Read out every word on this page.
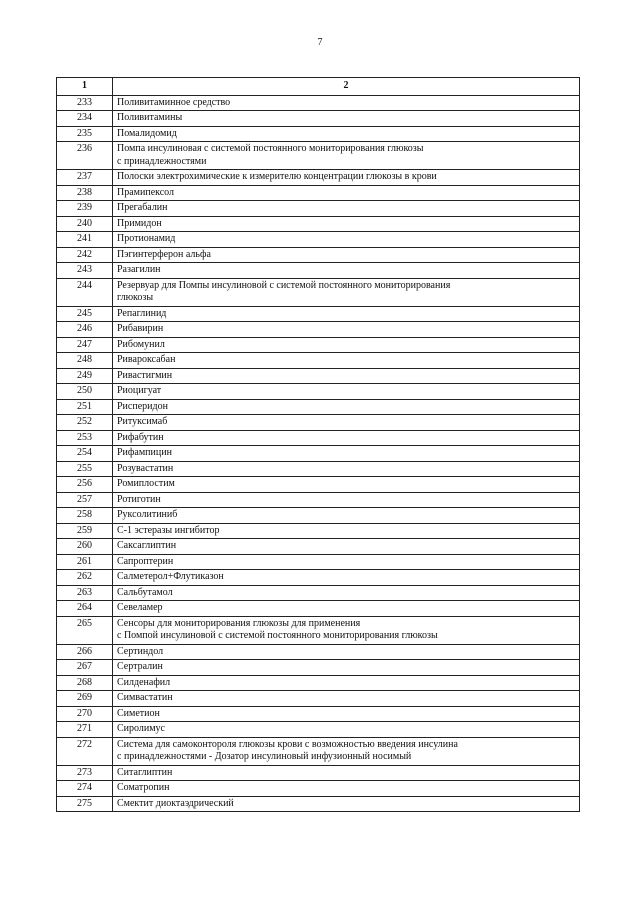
7
1	2
233	Поливитаминное средство

234	Поливитамины

235	Помалидомид

236	Помпа инсулиновая с системой постоянного мониторирования глюкозы
с принадлежностями

237	Полоски электрохимические к измерителю концентрации глюкозы в крови

238	Прамипексол

239	Прегабалин

240	Примидон

241	Протионамид

242	Пэгинтерферон альфа

243	Разагилин

244	Резервуар для Помпы инсулиновой с системой постоянного мониторирования
глюкозы

245	Репаглинид

246	Рибавирин

247	Рибомунил

248	Ривароксабан

249	Ривастигмин

250	Риоцигуат

251	Рисперидон

252	Ритуксимаб

253	Рифабутин

254	Рифампицин

255	Розувастатин

256	Ромиплостим

257	Ротиготин

258	Руксолитиниб

259	С-1 эстеразы ингибитор

260	Саксаглиптин

261	Сапроптерин

262	Салметерол+Флутиказон

263	Сальбутамол

264	Севеламер

265	Сенсоры для мониторирования глюкозы для применения
с Помпой инсулиновой с системой постоянного мониторирования глюкозы

266	Сертиндол

267	Сертралин

268	Силденафил

269	Симвастатин

270	Симетион

271	Сиролимус

272	Система для самоконтороля глюкозы крови с возможностью введения инсулина
с принадлежностями - Дозатор инсулиновый инфузионный носимый

273	Ситаглиптин

274	Соматропин

275	Смектит диоктаэдрический
